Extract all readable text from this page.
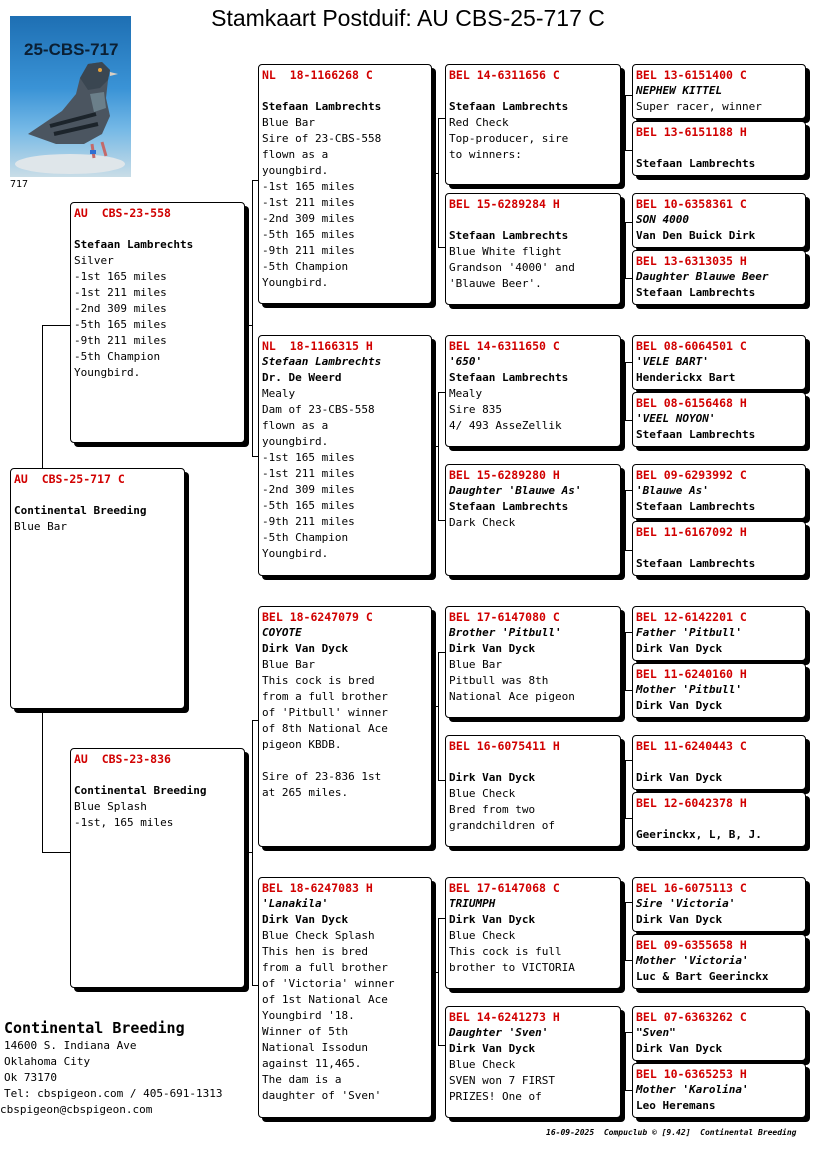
Stamkaart Postduif: AU CBS-25-717 C
25-CBS-717
717
AU  CBS-25-717 C

Continental Breeding
Blue Bar
AU  CBS-23-558

Stefaan Lambrechts
Silver
-1st 165 miles
-1st 211 miles
-2nd 309 miles
-5th 165 miles
-9th 211 miles
-5th Champion
Youngbird.
AU  CBS-23-836

Continental Breeding
Blue Splash
-1st, 165 miles
NL  18-1166268 C

Stefaan Lambrechts
Blue Bar
Sire of 23-CBS-558
flown as a
youngbird.
-1st 165 miles
-1st 211 miles
-2nd 309 miles
-5th 165 miles
-9th 211 miles
-5th Champion
Youngbird.
NL  18-1166315 H
Stefaan Lambrechts
Dr. De Weerd
Mealy
Dam of 23-CBS-558
flown as a
youngbird.
-1st 165 miles
-1st 211 miles
-2nd 309 miles
-5th 165 miles
-9th 211 miles
-5th Champion
Youngbird.
BEL 18-6247079 C
COYOTE
Dirk Van Dyck
Blue Bar
This cock is bred
from a full brother
of 'Pitbull' winner
of 8th National Ace
pigeon KBDB.

Sire of 23-836 1st
at 265 miles.
BEL 18-6247083 H
'Lanakila'
Dirk Van Dyck
Blue Check Splash
This hen is bred
from a full brother
of 'Victoria' winner
of 1st National Ace
Youngbird '18.
Winner of 5th
National Issodun
against 11,465.
The dam is a
daughter of 'Sven'
BEL 14-6311656 C

Stefaan Lambrechts
Red Check
Top-producer, sire
to winners:
BEL 15-6289284 H

Stefaan Lambrechts
Blue White flight
Grandson '4000' and
'Blauwe Beer'.
BEL 14-6311650 C
'650'
Stefaan Lambrechts
Mealy
Sire 835
4/ 493 AsseZellik
BEL 15-6289280 H
Daughter 'Blauwe As'
Stefaan Lambrechts
Dark Check
BEL 17-6147080 C
Brother 'Pitbull'
Dirk Van Dyck
Blue Bar
Pitbull was 8th
National Ace pigeon
BEL 16-6075411 H

Dirk Van Dyck
Blue Check
Bred from two
grandchildren of
BEL 17-6147068 C
TRIUMPH
Dirk Van Dyck
Blue Check
This cock is full
brother to VICTORIA
BEL 14-6241273 H
Daughter 'Sven'
Dirk Van Dyck
Blue Check
SVEN won 7 FIRST
PRIZES! One of
BEL 13-6151400 C
NEPHEW KITTEL
Super racer, winner
BEL 13-6151188 H

Stefaan Lambrechts
BEL 10-6358361 C
SON 4000
Van Den Buick Dirk
BEL 13-6313035 H
Daughter Blauwe Beer
Stefaan Lambrechts
BEL 08-6064501 C
'VELE BART'
Henderickx Bart
BEL 08-6156468 H
'VEEL NOYON'
Stefaan Lambrechts
BEL 09-6293992 C
'Blauwe As'
Stefaan Lambrechts
BEL 11-6167092 H

Stefaan Lambrechts
BEL 12-6142201 C
Father 'Pitbull'
Dirk Van Dyck
BEL 11-6240160 H
Mother 'Pitbull'
Dirk Van Dyck
BEL 11-6240443 C

Dirk Van Dyck
BEL 12-6042378 H

Geerinckx, L, B, J.
BEL 16-6075113 C
Sire 'Victoria'
Dirk Van Dyck
BEL 09-6355658 H
Mother 'Victoria'
Luc & Bart Geerinckx
BEL 07-6363262 C
"Sven"
Dirk Van Dyck
BEL 10-6365253 H
Mother 'Karolina'
Leo Heremans
Continental Breeding
14600 S. Indiana Ave
Oklahoma City
Ok 73170
Tel: cbspigeon.com / 405-691-1313
cbspigeon@cbspigeon.com
16-09-2025 Compuclub © [9.42] Continental Breeding
